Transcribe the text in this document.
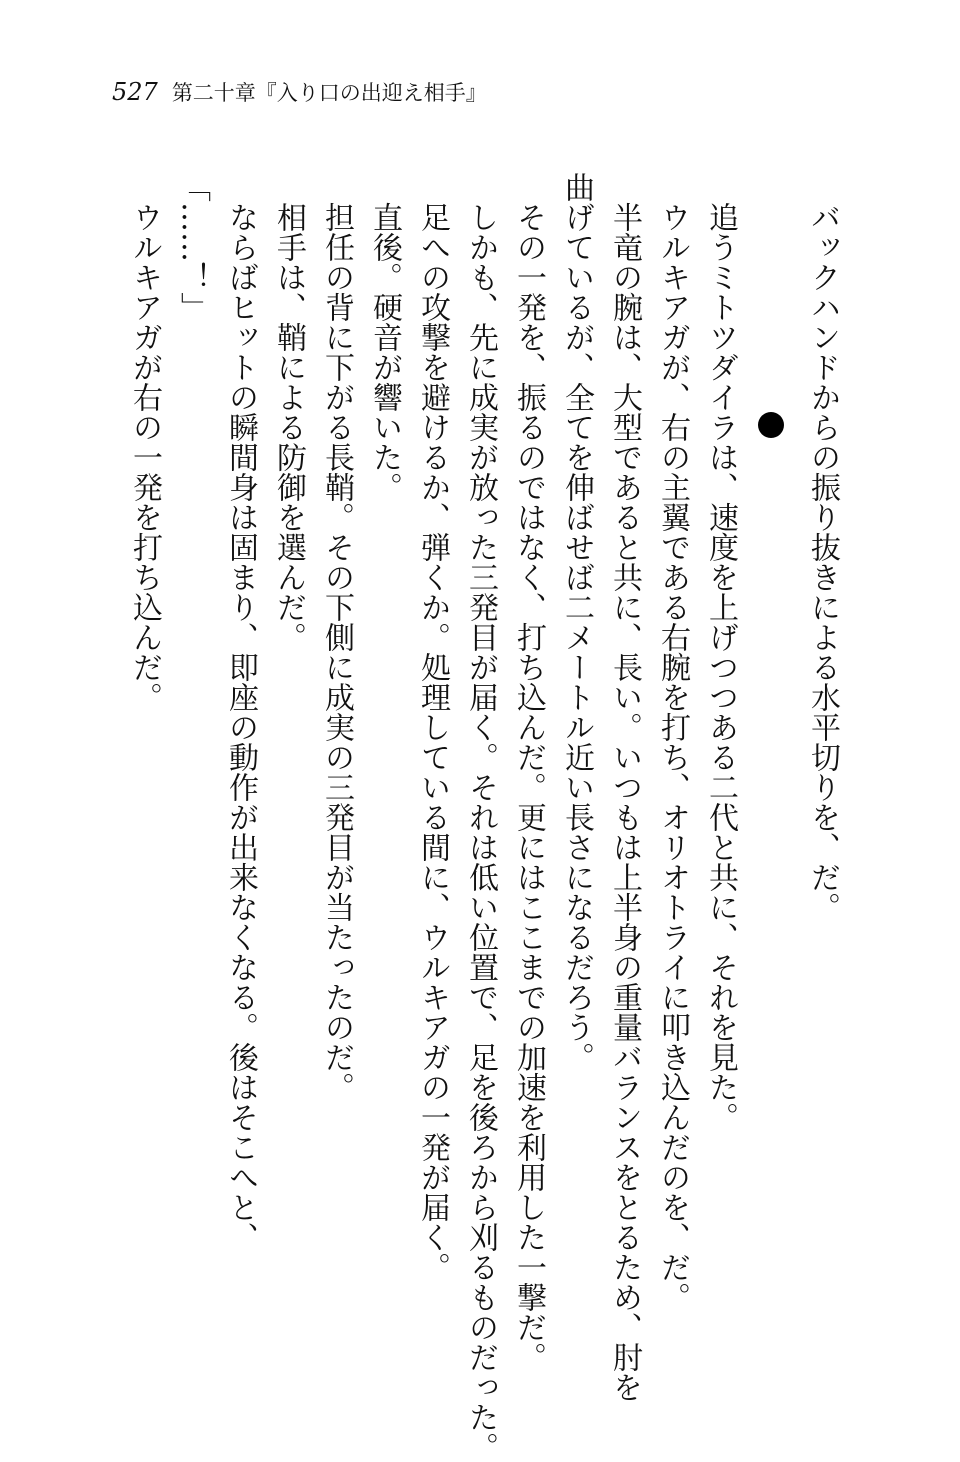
527 第二十章『入り口の出迎え相手』
バックハンドからの振り抜きによる水平切りを、だ。
追うミトツダイラは、速度を上げつつある二代と共に、それを見た。
ウルキアガが、右の主翼である右腕を打ち、オリオトライに叩き込んだのを、だ。
半竜の腕は、大型であると共に、長い。いつもは上半身の重量バランスをとるため、肘を
曲げているが、全てを伸ばせば二メートル近い長さになるだろう。
その一発を、振るのではなく、打ち込んだ。更にはここまでの加速を利用した一撃だ。
しかも、先に成実が放った三発目が届く。それは低い位置で、足を後ろから刈るものだった。
足への攻撃を避けるか、弾くか。処理している間に、ウルキアガの一発が届く。
直後。硬音が響いた。
担任の背に下がる長鞘。その下側に成実の三発目が当たったのだ。
相手は、鞘による防御を選んだ。
ならばヒットの瞬間身は固まり、即座の動作が出来なくなる。後はそこへと、
「……！」
ウルキアガが右の一発を打ち込んだ。
